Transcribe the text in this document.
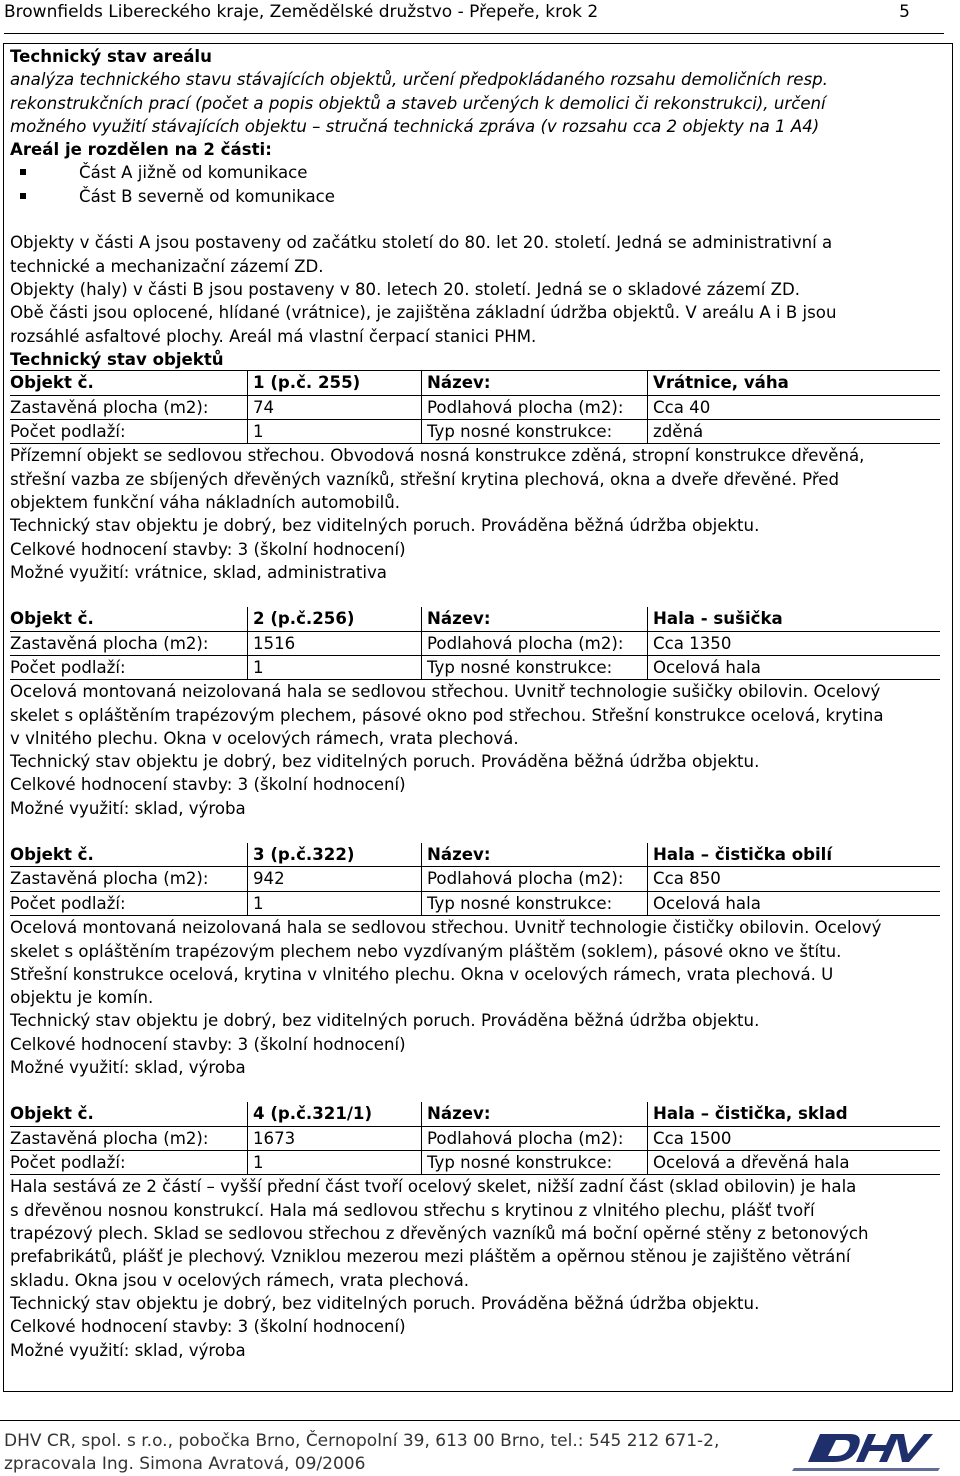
Brownfields Libereckého kraje, Zemědělské družstvo - Přepeře, krok 2	5
Technický stav areálu
analýza technického stavu stávajících objektů, určení předpokládaného rozsahu demoličních resp.
rekonstrukčních prací (počet a popis objektů a staveb určených k demolici či rekonstrukci), určení
možného využití stávajících objektu – stručná technická zpráva (v rozsahu cca 2 objekty na 1 A4)
Areál je rozdělen na 2 části:
Část A jižně od komunikace
Část B severně od komunikace
Objekty v části A jsou postaveny od začátku století do 80. let 20. století. Jedná se administrativní a
technické a mechanizační zázemí ZD.
Objekty (haly) v části B jsou postaveny v 80. letech 20. století. Jedná se o skladové zázemí ZD.
Obě části jsou oplocené, hlídané (vrátnice), je zajištěna základní údržba objektů. V areálu A i B jsou
rozsáhlé asfaltové plochy. Areál má vlastní čerpací stanici PHM.
Technický stav objektů
Objekt č.	1 (p.č. 255)	Název:	Vrátnice, váha
Zastavěná plocha (m2):	74	Podlahová plocha (m2): Cca 40
Počet podlaží:	1	Typ nosné konstrukce: zděná
Přízemní objekt se sedlovou střechou. Obvodová nosná konstrukce zděná, stropní konstrukce dřevěná,
střešní vazba ze sbíjených dřevěných vazníků, střešní krytina plechová, okna a dveře dřevěné. Před
objektem funkční váha nákladních automobilů.
Technický stav objektu je dobrý, bez viditelných poruch. Prováděna běžná údržba objektu.
Celkové hodnocení stavby: 3 (školní hodnocení)
Možné využití: vrátnice, sklad, administrativa
Objekt č.	2 (p.č.256)	Název:	Hala - sušička
Zastavěná plocha (m2):	1516	Podlahová plocha (m2): Cca 1350
Počet podlaží:	1	Typ nosné konstrukce: Ocelová hala
Ocelová montovaná neizolovaná hala se sedlovou střechou. Uvnitř technologie sušičky obilovin. Ocelový
skelet s opláštěním trapézovým plechem, pásové okno pod střechou. Střešní konstrukce ocelová, krytina
v vlnitého plechu. Okna v ocelových rámech, vrata plechová.
Technický stav objektu je dobrý, bez viditelných poruch. Prováděna běžná údržba objektu.
Celkové hodnocení stavby: 3 (školní hodnocení)
Možné využití: sklad, výroba
Objekt č.	3 (p.č.322)	Název:	Hala – čistička obilí
Zastavěná plocha (m2):	942	Podlahová plocha (m2): Cca 850
Počet podlaží:	1	Typ nosné konstrukce: Ocelová hala
Ocelová montovaná neizolovaná hala se sedlovou střechou. Uvnitř technologie čističky obilovin. Ocelový
skelet s opláštěním trapézovým plechem nebo vyzdívaným pláštěm (soklem), pásové okno ve štítu.
Střešní konstrukce ocelová, krytina v vlnitého plechu. Okna v ocelových rámech, vrata plechová. U
objektu je komín.
Technický stav objektu je dobrý, bez viditelných poruch. Prováděna běžná údržba objektu.
Celkové hodnocení stavby: 3 (školní hodnocení)
Možné využití: sklad, výroba
Objekt č.	4 (p.č.321/1)	Název:	Hala – čistička, sklad
Zastavěná plocha (m2):	1673	Podlahová plocha (m2): Cca 1500
Počet podlaží:	1	Typ nosné konstrukce: Ocelová a dřevěná hala
Hala sestává ze 2 částí – vyšší přední část tvoří ocelový skelet, nižší zadní část (sklad obilovin) je hala
s dřevěnou nosnou konstrukcí. Hala má sedlovou střechu s krytinou z vlnitého plechu, plášť tvoří
trapézový plech. Sklad se sedlovou střechou z dřevěných vazníků má boční opěrné stěny z betonových
prefabrikátů, plášť je plechový. Vzniklou mezerou mezi pláštěm a opěrnou stěnou je zajištěno větrání
skladu. Okna jsou v ocelových rámech, vrata plechová.
Technický stav objektu je dobrý, bez viditelných poruch. Prováděna běžná údržba objektu.
Celkové hodnocení stavby: 3 (školní hodnocení)
Možné využití: sklad, výroba
DHV CR, spol. s r.o., pobočka Brno, Černopolní 39, 613 00 Brno, tel.: 545 212 671-2,
zpracovala Ing. Simona Avratová, 09/2006
